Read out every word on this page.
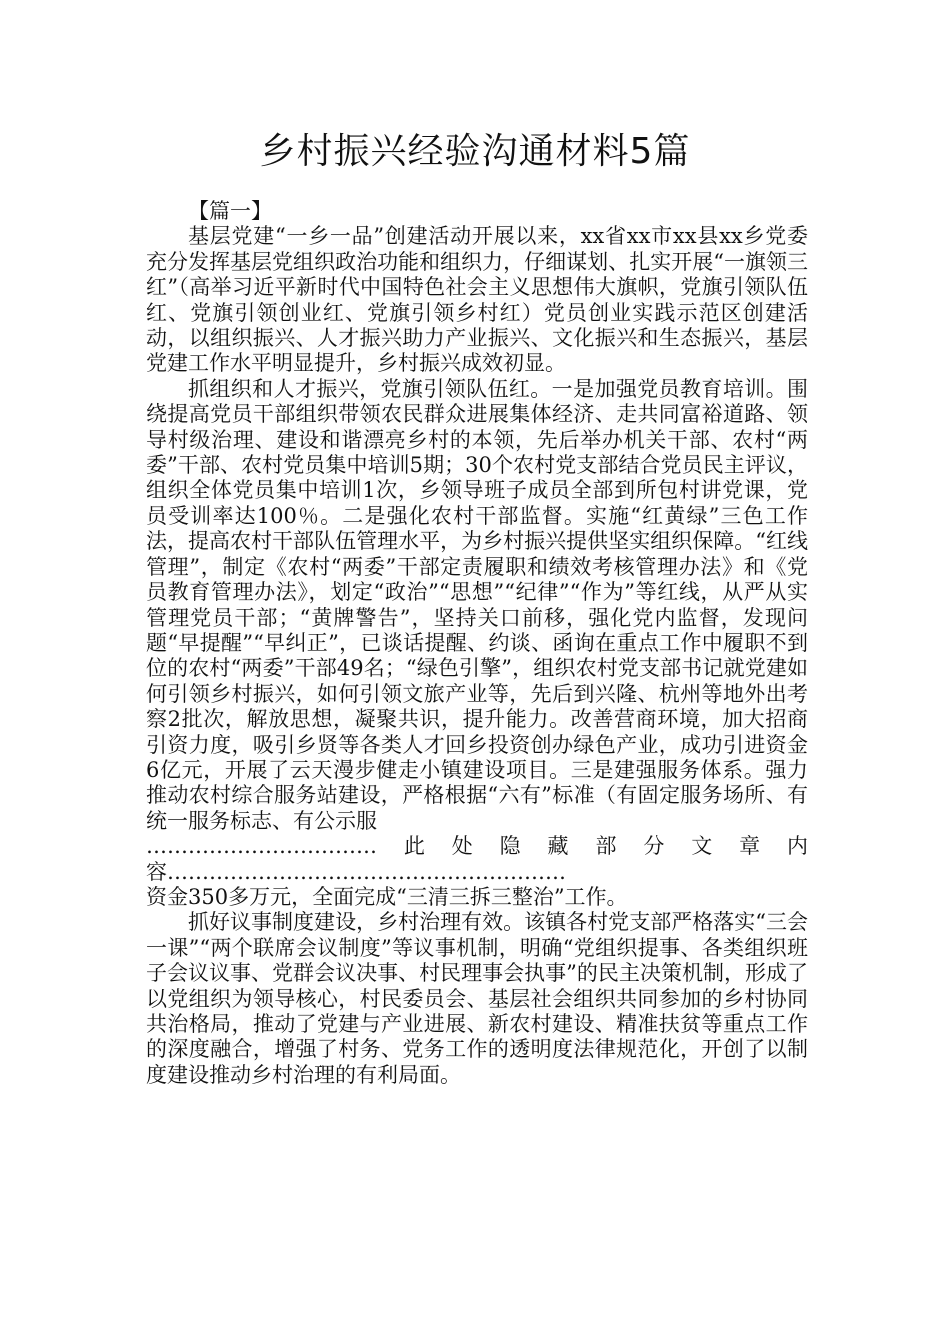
乡村振兴经验沟通材料5篇

【篇一】

基层党建“一乡一品”创建活动开展以来，xx省xx市xx县xx乡党委充分发挥基层党组织政治功能和组织力，仔细谋划、扎实开展“一旗领三红”（高举习近平新时代中国特色社会主义思想伟大旗帜，党旗引领队伍红、党旗引领创业红、党旗引领乡村红）党员创业实践示范区创建活动，以组织振兴、人才振兴助力产业振兴、文化振兴和生态振兴，基层党建工作水平明显提升，乡村振兴成效初显。

抓组织和人才振兴，党旗引领队伍红。一是加强党员教育培训。围绕提高党员干部组织带领农民群众进展集体经济、走共同富裕道路、领导村级治理、建设和谐漂亮乡村的本领，先后举办机关干部、农村“两委”干部、农村党员集中培训5期；30个农村党支部结合党员民主评议，组织全体党员集中培训1次，乡领导班子成员全部到所包村讲党课，党员受训率达100％。二是强化农村干部监督。实施“红黄绿”三色工作法，提高农村干部队伍管理水平，为乡村振兴提供坚实组织保障。“红线管理”，制定《农村“两委”干部定责履职和绩效考核管理办法》和《党员教育管理办法》，划定“政治”“思想”“纪律”“作为”等红线，从严从实管理党员干部；“黄牌警告”，坚持关口前移，强化党内监督，发现问题“早提醒”“早纠正”，已谈话提醒、约谈、函询在重点工作中履职不到位的农村“两委”干部49名；“绿色引擎”，组织农村党支部书记就党建如何引领乡村振兴，如何引领文旅产业等，先后到兴隆、杭州等地外出考察2批次，解放思想，凝聚共识，提升能力。改善营商环境，加大招商引资力度，吸引乡贤等各类人才回乡投资创办绿色产业，成功引进资金6亿元，开展了云天漫步健走小镇建设项目。三是建强服务体系。强力推动农村综合服务站建设，严格根据“六有”标准（有固定服务场所、有统一服务标志、有公示服

……………………………此处隐藏部分文章内容…………………………………………………

资金350多万元，全面完成“三清三拆三整治”工作。

抓好议事制度建设，乡村治理有效。该镇各村党支部严格落实“三会一课”“两个联席会议制度”等议事机制，明确“党组织提事、各类组织班子会议议事、党群会议决事、村民理事会执事”的民主决策机制，形成了以党组织为领导核心，村民委员会、基层社会组织共同参加的乡村协同共治格局，推动了党建与产业进展、新农村建设、精准扶贫等重点工作的深度融合，增强了村务、党务工作的透明度法律规范化，开创了以制度建设推动乡村治理的有利局面。
